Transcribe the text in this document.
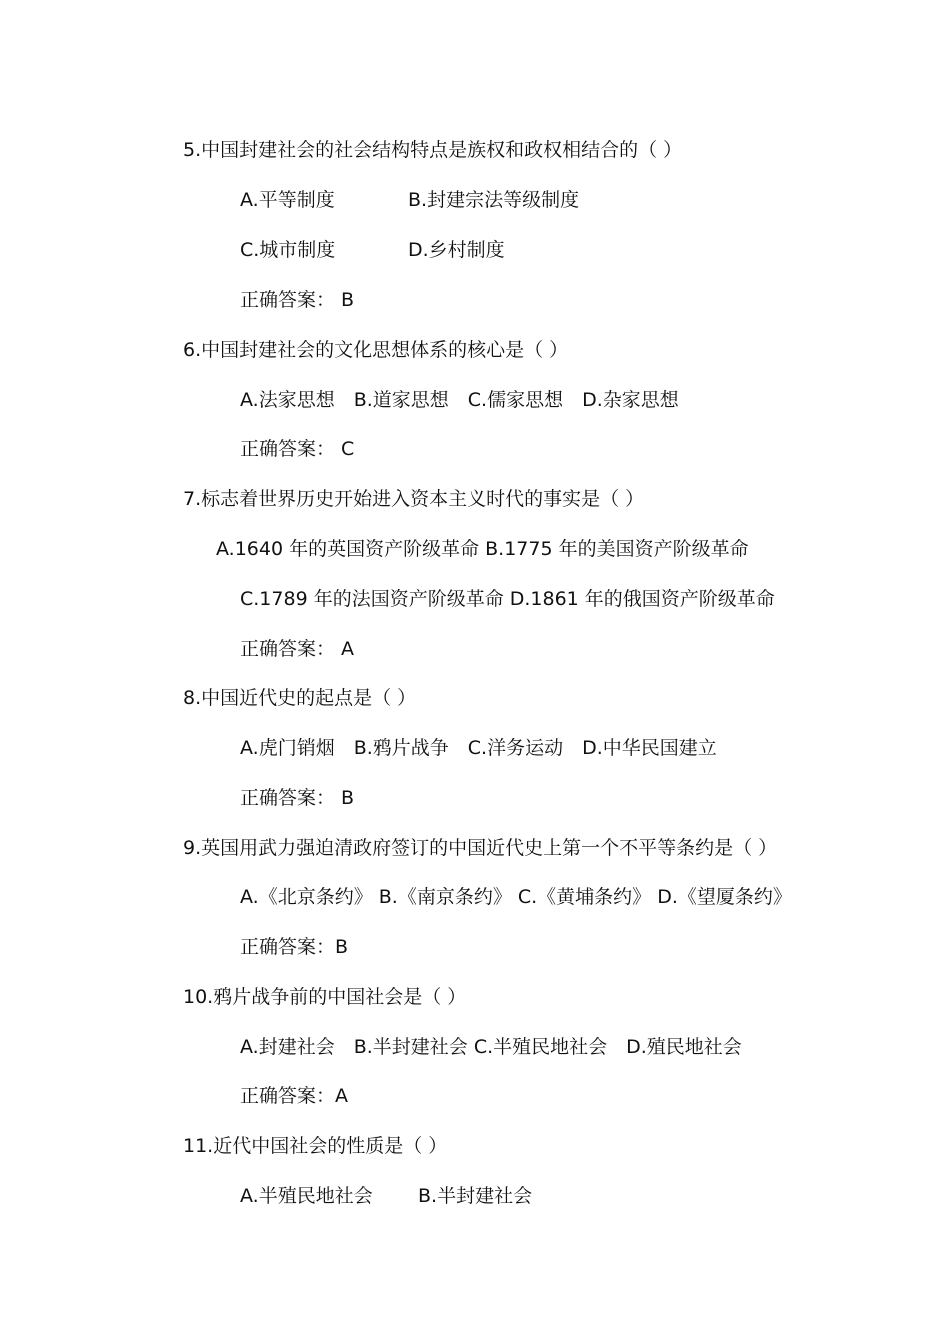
5.中国封建社会的社会结构特点是族权和政权相结合的（ ）
A.平等制度	B.封建宗法等级制度
C.城市制度	D.乡村制度
正确答案： B
6.中国封建社会的文化思想体系的核心是（ ）
A.法家思想　B.道家思想　C.儒家思想　D.杂家思想
正确答案： C
7.标志着世界历史开始进入资本主义时代的事实是（ ）
A.1640 年的英国资产阶级革命 B.1775 年的美国资产阶级革命
C.1789 年的法国资产阶级革命 D.1861 年的俄国资产阶级革命
正确答案： A
8.中国近代史的起点是（ ）
A.虎门销烟　B.鸦片战争　C.洋务运动　D.中华民国建立
正确答案： B
9.英国用武力强迫清政府签订的中国近代史上第一个不平等条约是（ ）
A.《北京条约》 B.《南京条约》 C.《黄埔条约》 D.《望厦条约》
正确答案：B
10.鸦片战争前的中国社会是（ ）
A.封建社会　B.半封建社会 C.半殖民地社会　D.殖民地社会
正确答案：A
11.近代中国社会的性质是（ ）
A.半殖民地社会 B.半封建社会
